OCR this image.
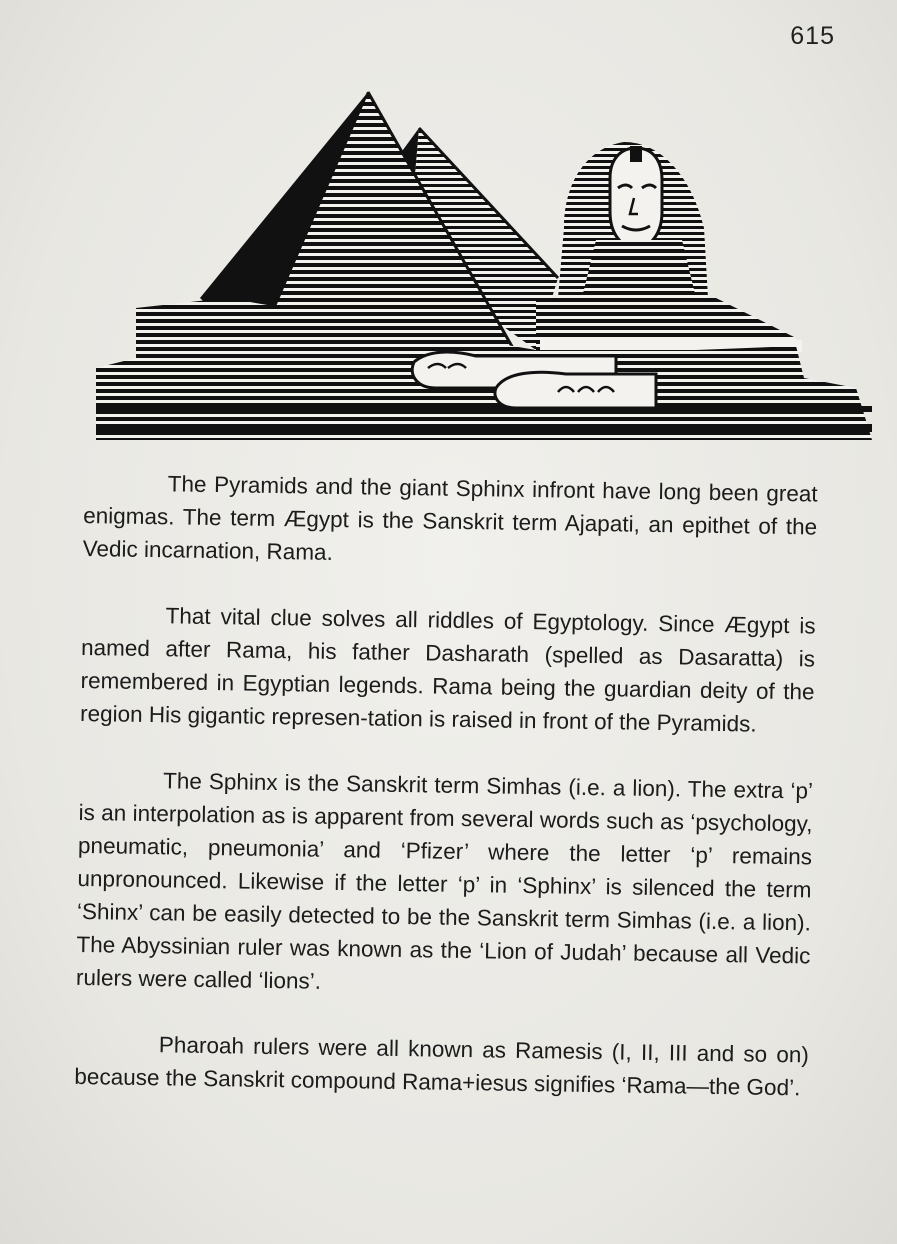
615

The Pyramids and the giant Sphinx infront have long been great enigmas. The term Ægypt is the Sanskrit term Ajapati, an epithet of the Vedic incarnation, Rama.

That vital clue solves all riddles of Egyptology. Since Ægypt is named after Rama, his father Dasharath (spelled as Dasaratta) is remembered in Egyptian legends. Rama being the guardian deity of the region His gigantic represen-tation is raised in front of the Pyramids.

The Sphinx is the Sanskrit term Simhas (i.e. a lion). The extra ‘p’ is an interpolation as is apparent from several words such as ‘psychology, pneumatic, pneumonia’ and ‘Pfizer’ where the letter ‘p’ remains unpronounced. Likewise if the letter ‘p’ in ‘Sphinx’ is silenced the term ‘Shinx’ can be easily detected to be the Sanskrit term Simhas (i.e. a lion). The Abyssinian ruler was known as the ‘Lion of Judah’ because all Vedic rulers were called ‘lions’.

Pharoah rulers were all known as Ramesis (I, II, III and so on) because the Sanskrit compound Rama+iesus signifies ‘Rama—the God’.
